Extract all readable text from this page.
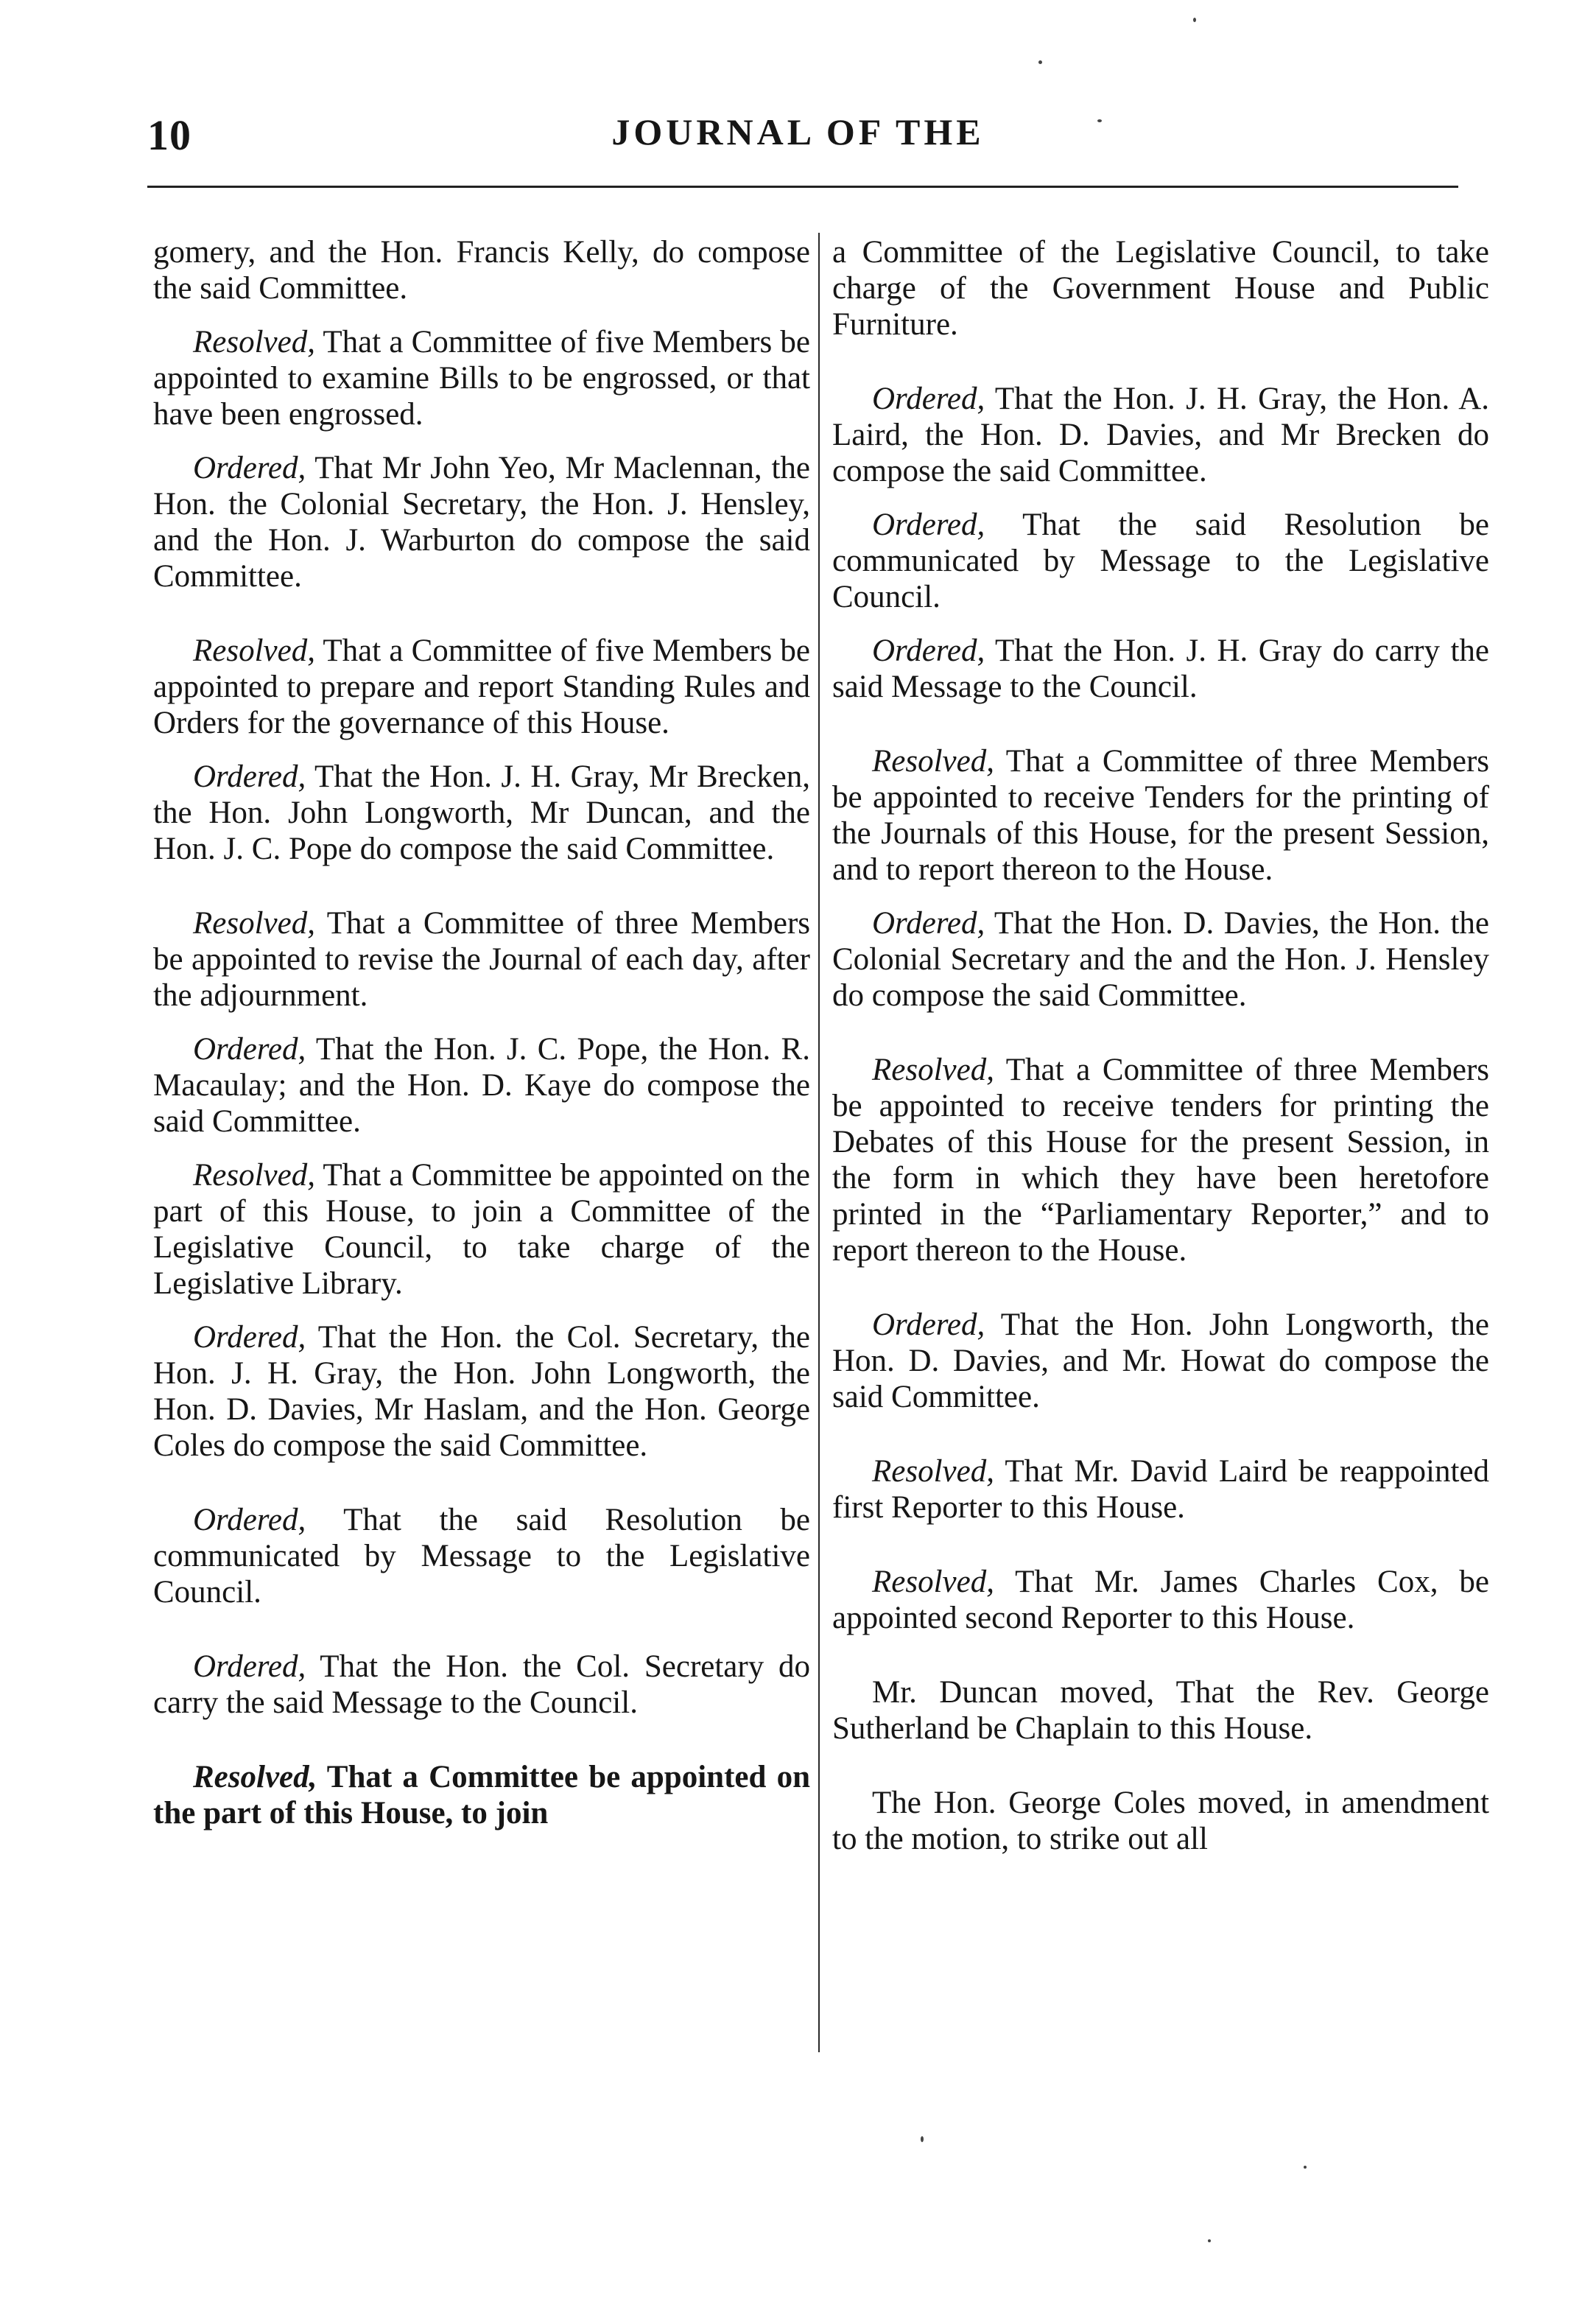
10	JOURNAL OF THE

gomery, and the Hon. Francis Kelly, do compose the said Committee.

Resolved, That a Committee of five Members be appointed to examine Bills to be engrossed, or that have been engrossed.

Ordered, That Mr John Yeo, Mr Maclennan, the Hon. the Colonial Secretary, the Hon. J. Hensley, and the Hon. J. Warburton do compose the said Committee.

Resolved, That a Committee of five Members be appointed to prepare and report Standing Rules and Orders for the governance of this House.

Ordered, That the Hon. J. H. Gray, Mr Brecken, the Hon. John Longworth, Mr Duncan, and the Hon. J. C. Pope do compose the said Committee.

Resolved, That a Committee of three Members be appointed to revise the Journal of each day, after the adjournment.

Ordered, That the Hon. J. C. Pope, the Hon. R. Macaulay; and the Hon. D. Kaye do compose the said Committee.

Resolved, That a Committee be appointed on the part of this House, to join a Committee of the Legislative Council, to take charge of the Legislative Library.

Ordered, That the Hon. the Col. Secretary, the Hon. J. H. Gray, the Hon. John Longworth, the Hon. D. Davies, Mr Haslam, and the Hon. George Coles do compose the said Committee.

Ordered, That the said Resolution be communicated by Message to the Legislative Council.

Ordered, That the Hon. the Col. Secretary do carry the said Message to the Council.

Resolved, That a Committee be appointed on the part of this House, to join

a Committee of the Legislative Council, to take charge of the Government House and Public Furniture.

Ordered, That the Hon. J. H. Gray, the Hon. A. Laird, the Hon. D. Davies, and Mr Brecken do compose the said Committee.

Ordered, That the said Resolution be communicated by Message to the Legislative Council.

Ordered, That the Hon. J. H. Gray do carry the said Message to the Council.

Resolved, That a Committee of three Members be appointed to receive Tenders for the printing of the Journals of this House, for the present Session, and to report thereon to the House.

Ordered, That the Hon. D. Davies, the Hon. the Colonial Secretary and the and the Hon. J. Hensley do compose the said Committee.

Resolved, That a Committee of three Members be appointed to receive tenders for printing the Debates of this House for the present Session, in the form in which they have been heretofore printed in the “Parliamentary Reporter,” and to report thereon to the House.

Ordered, That the Hon. John Longworth, the Hon. D. Davies, and Mr. Howat do compose the said Committee.

Resolved, That Mr. David Laird be reappointed first Reporter to this House.

Resolved, That Mr. James Charles Cox, be appointed second Reporter to this House.

Mr. Duncan moved, That the Rev. George Sutherland be Chaplain to this House.

The Hon. George Coles moved, in amendment to the motion, to strike out all
